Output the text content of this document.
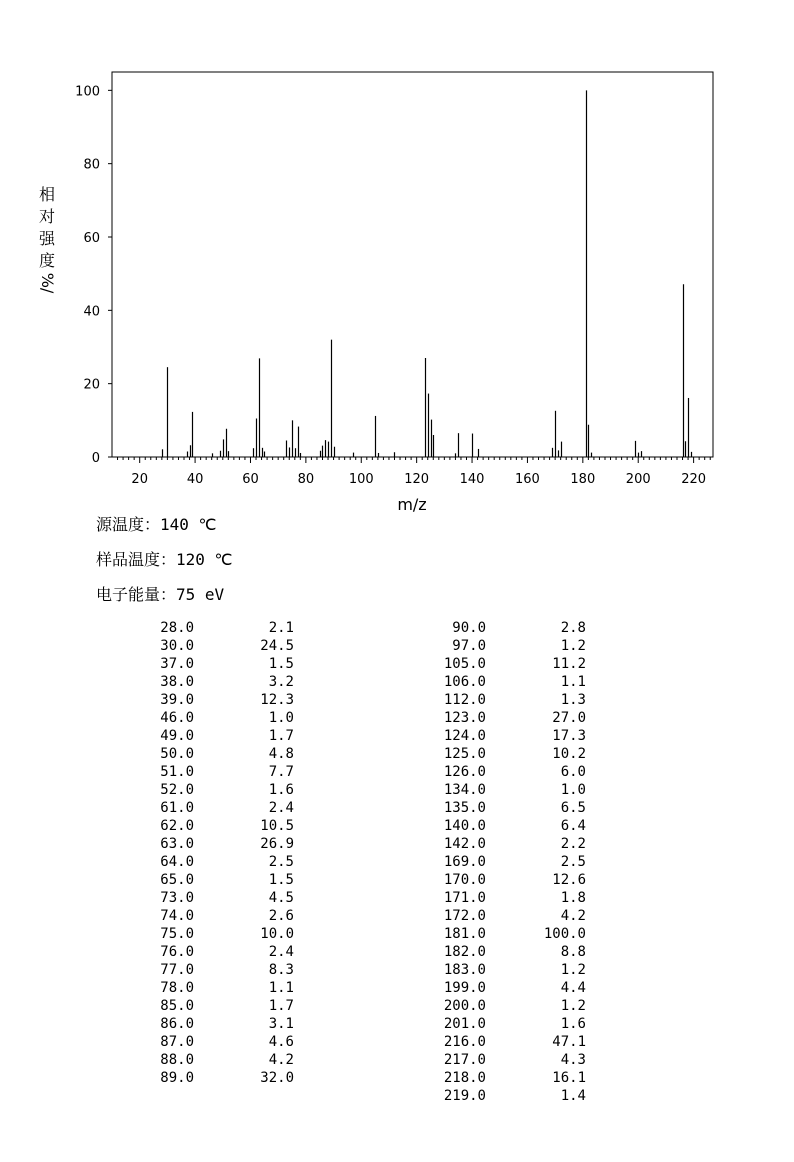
0
20
40
60
80
100
20	40	60	80	100 120 140 160 180 200 220
m/z
相
对
强
度
%/
源温度：140 ℃
样品温度：120 ℃
电子能量：75 eV
28.0	2.1
30.0	24.5
37.0	1.5
38.0	3.2
39.0	12.3
46.0	1.0
49.0	1.7
50.0	4.8
51.0	7.7
52.0	1.6
61.0	2.4
62.0	10.5
63.0	26.9
64.0	2.5
65.0	1.5
73.0	4.5
74.0	2.6
75.0	10.0
76.0	2.4
77.0	8.3
78.0	1.1
85.0	1.7
86.0	3.1
87.0	4.6
88.0	4.2
89.0	32.0
90.0	2.8
97.0	1.2
105.0	11.2
106.0	1.1
112.0	1.3
123.0	27.0
124.0	17.3
125.0	10.2
126.0	6.0
134.0	1.0
135.0	6.5
140.0	6.4
142.0	2.2
169.0	2.5
170.0	12.6
171.0	1.8
172.0	4.2
181.0	100.0
182.0	8.8
183.0	1.2
199.0	4.4
200.0	1.2
201.0	1.6
216.0	47.1
217.0	4.3
218.0	16.1
219.0	1.4
